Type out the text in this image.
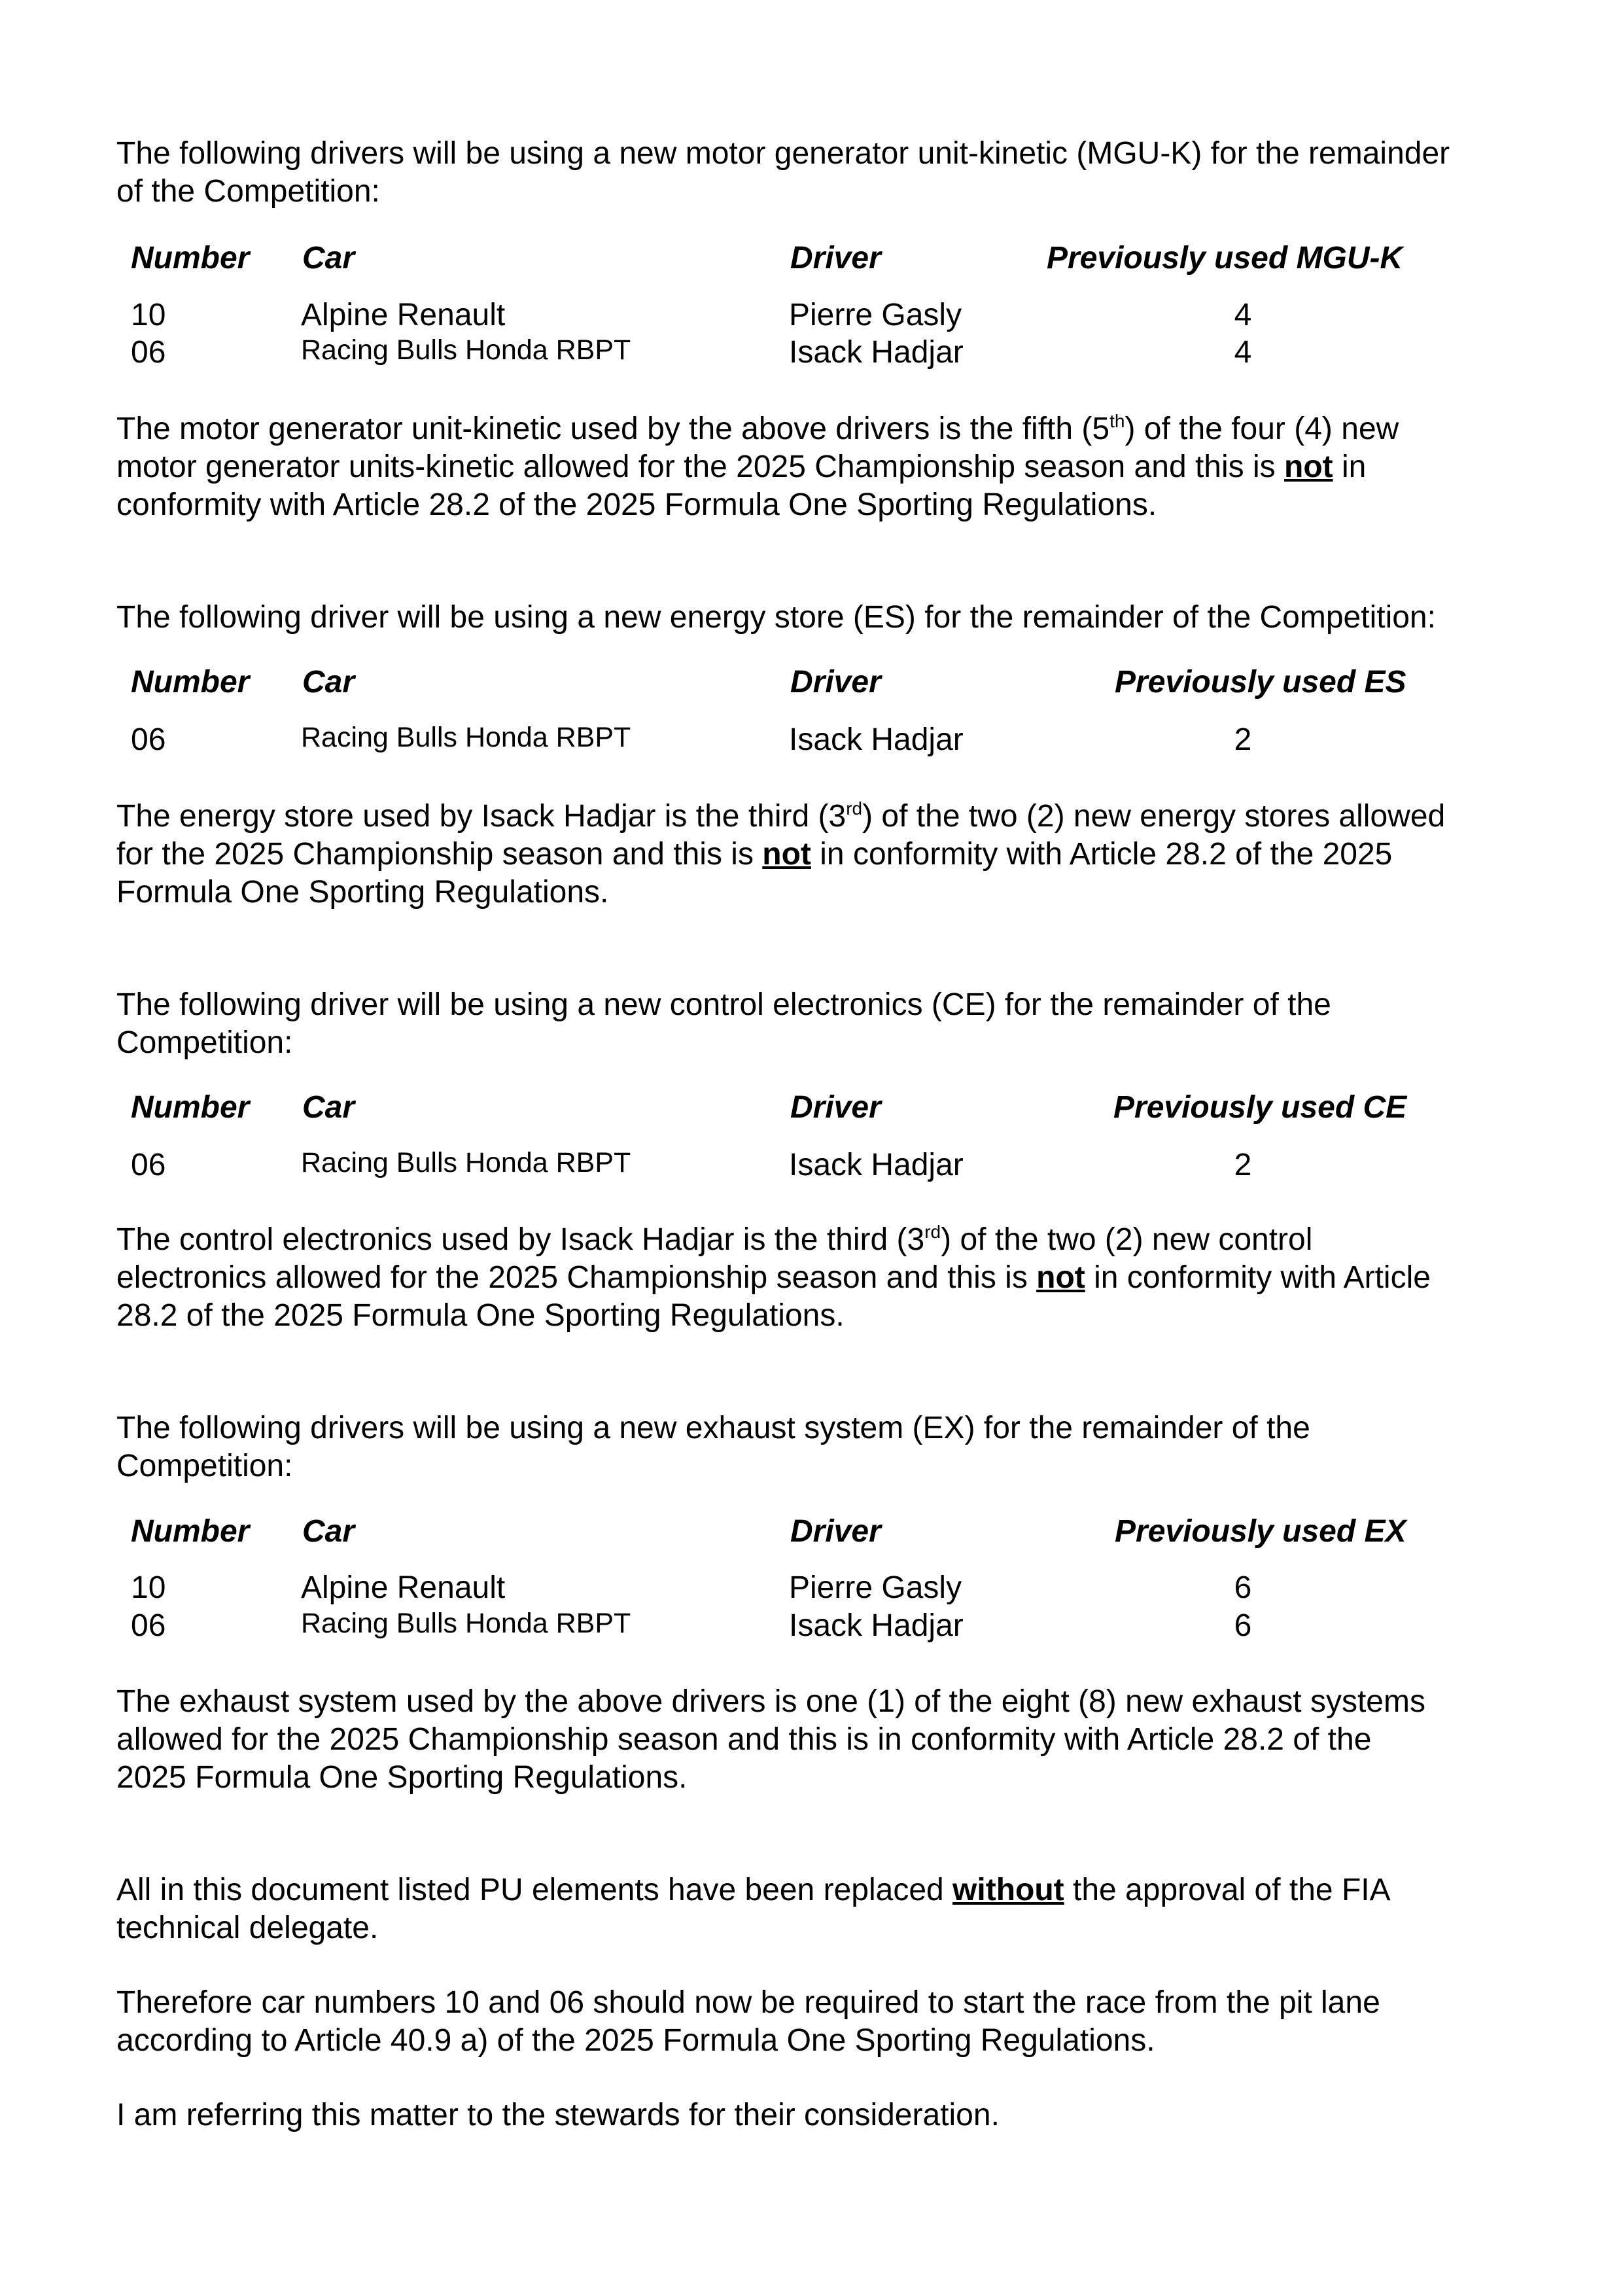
The following drivers will be using a new motor generator unit-kinetic (MGU-K) for the remainder

of the Competition:

Number Car	Driver	Previously used MGU-K

10	Alpine Renault	Pierre Gasly	4

06	Racing Bulls Honda RBPT	Isack Hadjar	4

The motor generator unit-kinetic used by the above drivers is the fifth (5th) of the four (4) new

motor generator units-kinetic allowed for the 2025 Championship season and this is not in

conformity with Article 28.2 of the 2025 Formula One Sporting Regulations.

The following driver will be using a new energy store (ES) for the remainder of the Competition:

Number Car	Driver	Previously used ES

06	Racing Bulls Honda RBPT	Isack Hadjar	2

The energy store used by Isack Hadjar is the third (3rd) of the two (2) new energy stores allowed

for the 2025 Championship season and this is not in conformity with Article 28.2 of the 2025

Formula One Sporting Regulations.

The following driver will be using a new control electronics (CE) for the remainder of the

Competition:

Number Car	Driver	Previously used CE

06	Racing Bulls Honda RBPT	Isack Hadjar	2

The control electronics used by Isack Hadjar is the third (3rd) of the two (2) new control

electronics allowed for the 2025 Championship season and this is not in conformity with Article

28.2 of the 2025 Formula One Sporting Regulations.

The following drivers will be using a new exhaust system (EX) for the remainder of the

Competition:

Number Car	Driver	Previously used EX

10	Alpine Renault	Pierre Gasly	6

06	Racing Bulls Honda RBPT	Isack Hadjar	6

The exhaust system used by the above drivers is one (1) of the eight (8) new exhaust systems

allowed for the 2025 Championship season and this is in conformity with Article 28.2 of the

2025 Formula One Sporting Regulations.

All in this document listed PU elements have been replaced without the approval of the FIA

technical delegate.

Therefore car numbers 10 and 06 should now be required to start the race from the pit lane

according to Article 40.9 a) of the 2025 Formula One Sporting Regulations.

I am referring this matter to the stewards for their consideration.
